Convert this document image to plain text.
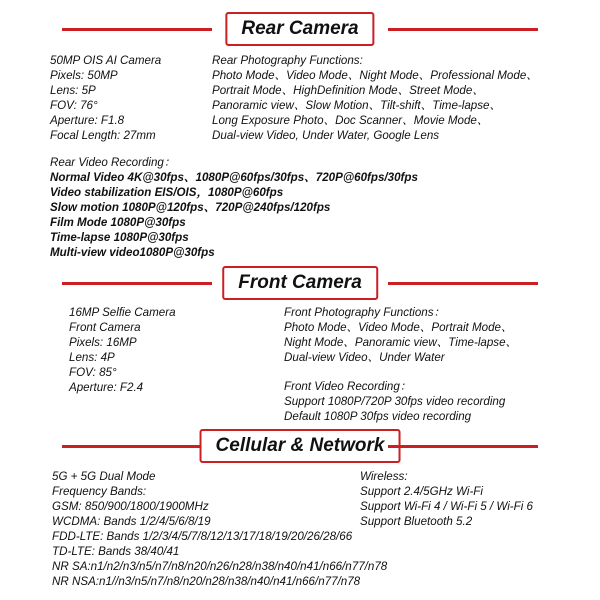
Rear Camera
50MP OIS AI Camera
Pixels: 50MP
Lens: 5P
FOV: 76°
Aperture: F1.8
Focal Length: 27mm
Rear Photography Functions:
Photo Mode、Video Mode、Night Mode、Professional Mode、
Portrait Mode、HighDefinition Mode、Street Mode、
Panoramic view、Slow Motion、Tilt-shift、Time-lapse、
Long Exposure Photo、Doc Scanner、Movie Mode、
Dual-view Video, Under Water, Google Lens
Rear Video Recording：
Normal Video 4K@30fps、1080P@60fps/30fps、720P@60fps/30fps
Video stabilization EIS/OIS，1080P@60fps
Slow motion 1080P@120fps、720P@240fps/120fps
Film Mode 1080P@30fps
Time-lapse 1080P@30fps
Multi-view video1080P@30fps
Front Camera
16MP Selfie Camera
Front Camera
Pixels: 16MP
Lens: 4P
FOV: 85°
Aperture: F2.4
Front Photography Functions：
Photo Mode、Video Mode、Portrait Mode、
Night Mode、Panoramic view、Time-lapse、
Dual-view Video、Under Water
Front Video Recording：
Support 1080P/720P 30fps video recording
Default 1080P 30fps video recording
Cellular & Network
5G + 5G Dual Mode
Frequency Bands:
GSM: 850/900/1800/1900MHz
WCDMA: Bands 1/2/4/5/6/8/19
FDD-LTE: Bands 1/2/3/4/5/7/8/12/13/17/18/19/20/26/28/66
TD-LTE: Bands 38/40/41
NR SA:n1/n2/n3/n5/n7/n8/n20/n26/n28/n38/n40/n41/n66/n77/n78
NR NSA:n1//n3/n5/n7/n8/n20/n28/n38/n40/n41/n66/n77/n78
Wireless:
Support 2.4/5GHz Wi-Fi
Support Wi-Fi 4 / Wi-Fi 5 / Wi-Fi 6
Support Bluetooth 5.2
